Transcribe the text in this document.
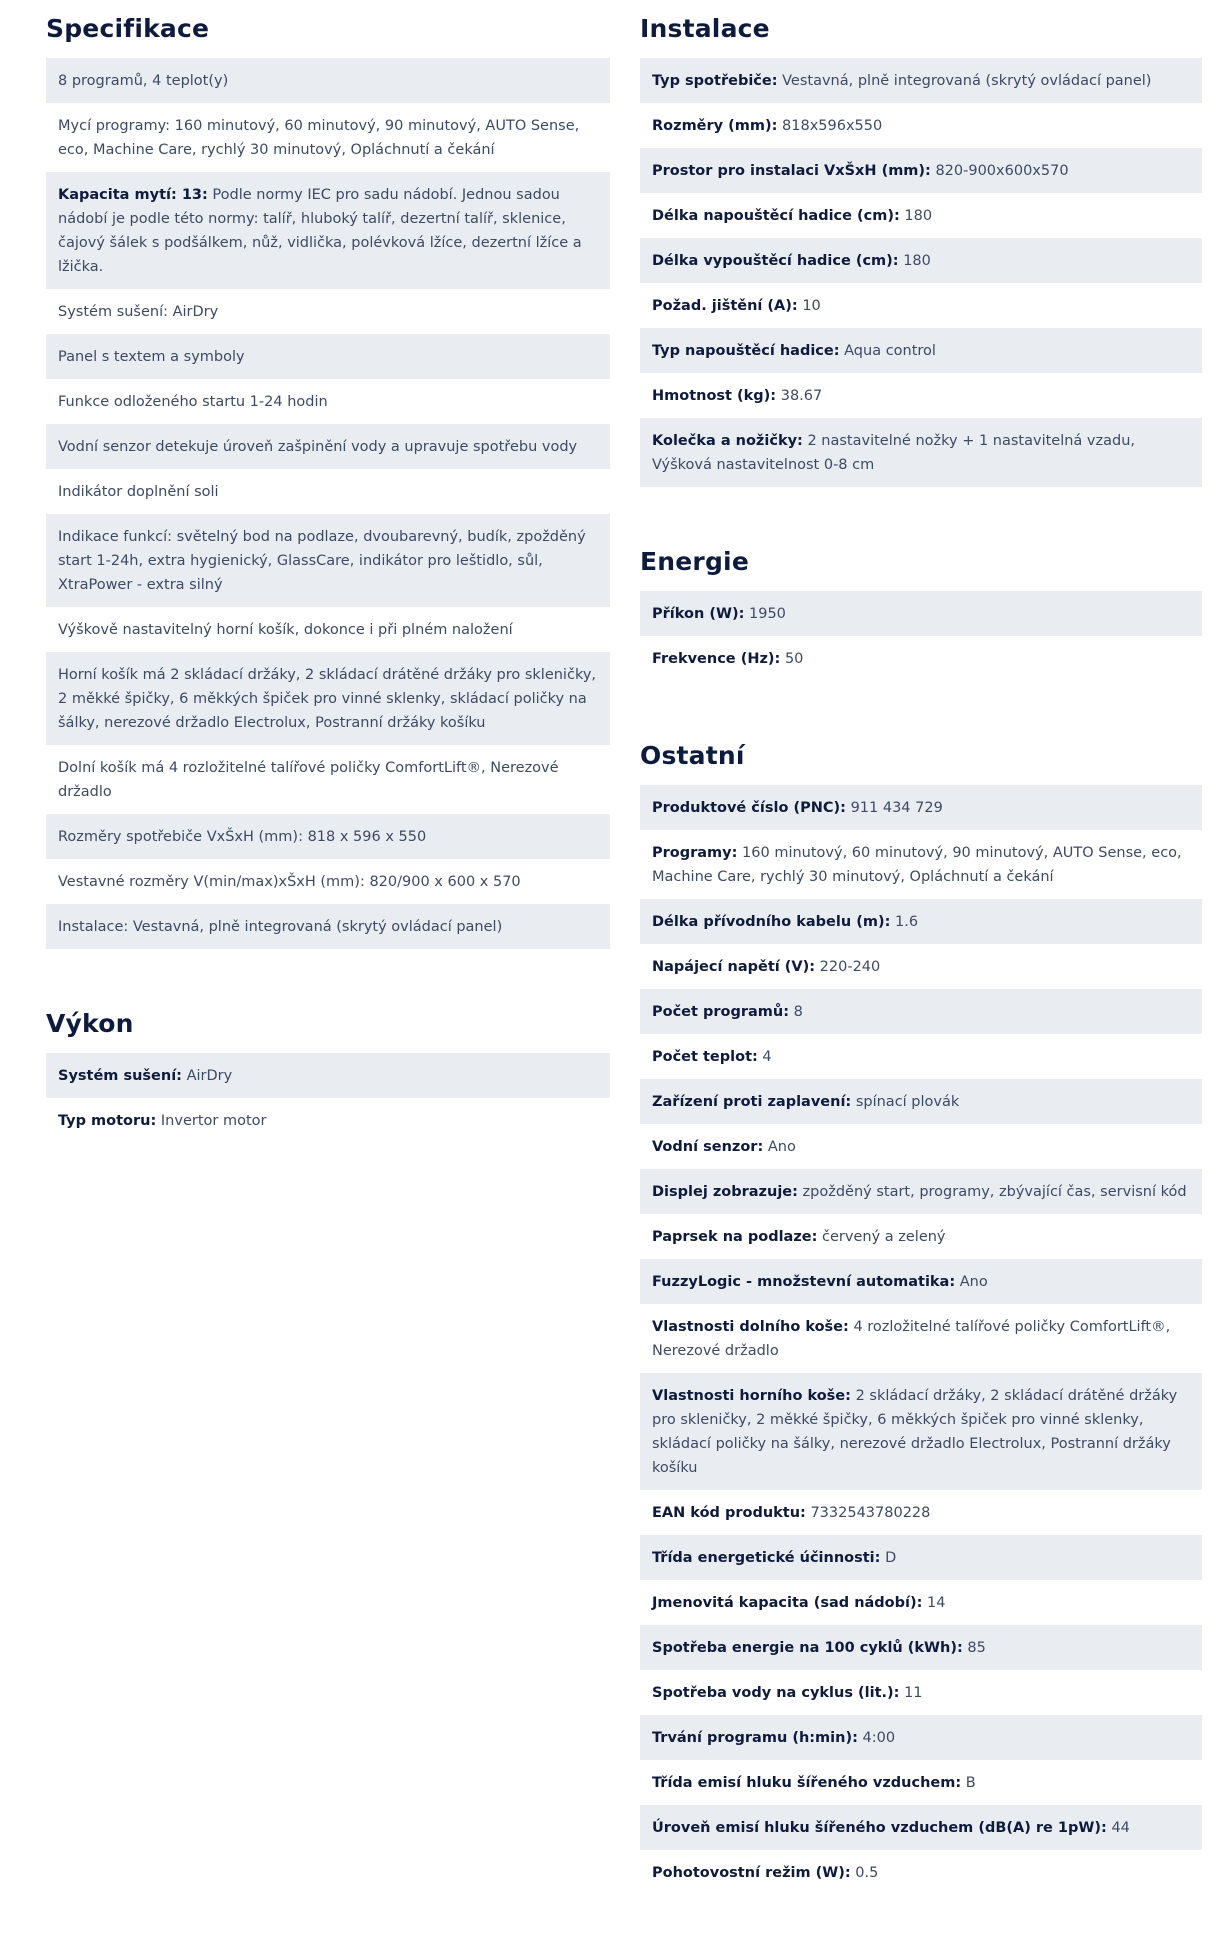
Specifikace
8 programů, 4 teplot(y)
Mycí programy: 160 minutový, 60 minutový, 90 minutový, AUTO Sense, eco, Machine Care, rychlý 30 minutový, Opláchnutí a čekání
Kapacita mytí: 13: Podle normy IEC pro sadu nádobí. Jednou sadou nádobí je podle této normy: talíř, hluboký talíř, dezertní talíř, sklenice, čajový šálek s podšálkem, nůž, vidlička, polévková lžíce, dezertní lžíce a lžička.
Systém sušení: AirDry
Panel s textem a symboly
Funkce odloženého startu 1-24 hodin
Vodní senzor detekuje úroveň zašpinění vody a upravuje spotřebu vody
Indikátor doplnění soli
Indikace funkcí: světelný bod na podlaze, dvoubarevný, budík, zpožděný start 1-24h, extra hygienický, GlassCare, indikátor pro leštidlo, sůl, XtraPower - extra silný
Výškově nastavitelný horní košík, dokonce i při plném naložení
Horní košík má 2 skládací držáky, 2 skládací drátěné držáky pro skleničky, 2 měkké špičky, 6 měkkých špiček pro vinné sklenky, skládací poličky na šálky, nerezové držadlo Electrolux, Postranní držáky košíku
Dolní košík má 4 rozložitelné talířové poličky ComfortLift®, Nerezové držadlo
Rozměry spotřebiče VxŠxH (mm): 818 x 596 x 550
Vestavné rozměry V(min/max)xŠxH (mm): 820/900 x 600 x 570
Instalace: Vestavná, plně integrovaná (skrytý ovládací panel)
Výkon
Systém sušení: AirDry
Typ motoru: Invertor motor
Instalace
Typ spotřebiče: Vestavná, plně integrovaná (skrytý ovládací panel)
Rozměry (mm): 818x596x550
Prostor pro instalaci VxŠxH (mm): 820-900x600x570
Délka napouštěcí hadice (cm): 180
Délka vypouštěcí hadice (cm): 180
Požad. jištění (A): 10
Typ napouštěcí hadice: Aqua control
Hmotnost (kg): 38.67
Kolečka a nožičky: 2 nastavitelné nožky + 1 nastavitelná vzadu, Výšková nastavitelnost 0-8 cm
Energie
Příkon (W): 1950
Frekvence (Hz): 50
Ostatní
Produktové číslo (PNC): 911 434 729
Programy: 160 minutový, 60 minutový, 90 minutový, AUTO Sense, eco, Machine Care, rychlý 30 minutový, Opláchnutí a čekání
Délka přívodního kabelu (m): 1.6
Napájecí napětí (V): 220-240
Počet programů: 8
Počet teplot: 4
Zařízení proti zaplavení: spínací plovák
Vodní senzor: Ano
Displej zobrazuje: zpožděný start, programy, zbývající čas, servisní kód
Paprsek na podlaze: červený a zelený
FuzzyLogic - množstevní automatika: Ano
Vlastnosti dolního koše: 4 rozložitelné talířové poličky ComfortLift®, Nerezové držadlo
Vlastnosti horního koše: 2 skládací držáky, 2 skládací drátěné držáky pro skleničky, 2 měkké špičky, 6 měkkých špiček pro vinné sklenky, skládací poličky na šálky, nerezové držadlo Electrolux, Postranní držáky košíku
EAN kód produktu: 7332543780228
Třída energetické účinnosti: D
Jmenovitá kapacita (sad nádobí): 14
Spotřeba energie na 100 cyklů (kWh): 85
Spotřeba vody na cyklus (lit.): 11
Trvání programu (h:min): 4:00
Třída emisí hluku šířeného vzduchem: B
Úroveň emisí hluku šířeného vzduchem (dB(A) re 1pW): 44
Pohotovostní režim (W): 0.5
